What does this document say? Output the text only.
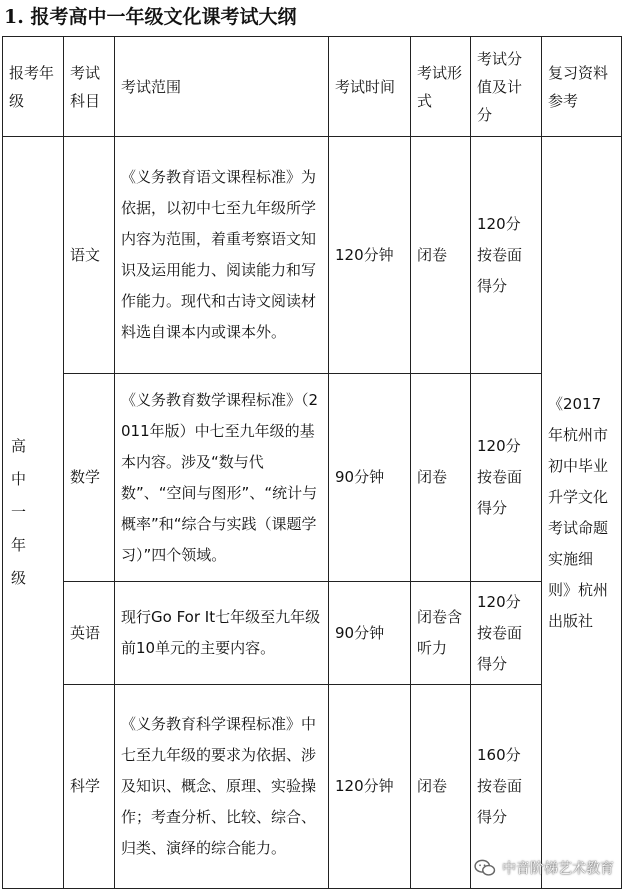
1. 报考高中一年级文化课考试大纲
报考年级	考试科目	考试范围	考试时间	考试形式	考试分值及计分	复习资料参考

高中一年级	语文	《义务教育语文课程标准》为依据，以初中七至九年级所学内容为范围，着重考察语文知识及运用能力、阅读能力和写作能力。现代和古诗文阅读材料选自课本内或课本外。	120分钟	闭卷	120分按卷面得分	《2017年杭州市初中毕业升学文化考试命题实施细则》杭州出版社
	数学	《义务教育数学课程标准》（2011年版）中七至九年级的基本内容。涉及“数与代数”、“空间与图形”、“统计与概率”和“综合与实践（课题学习）”四个领域。	90分钟	闭卷	120分按卷面得分	
	英语	现行Go For It七年级至九年级前10单元的主要内容。	90分钟	闭卷含听力	120分按卷面得分	
	科学	《义务教育科学课程标准》中七至九年级的要求为依据、涉及知识、概念、原理、实验操作；考查分析、比较、综合、归类、演绎的综合能力。	120分钟	闭卷	160分按卷面得分	
中音阶梯艺术教育
